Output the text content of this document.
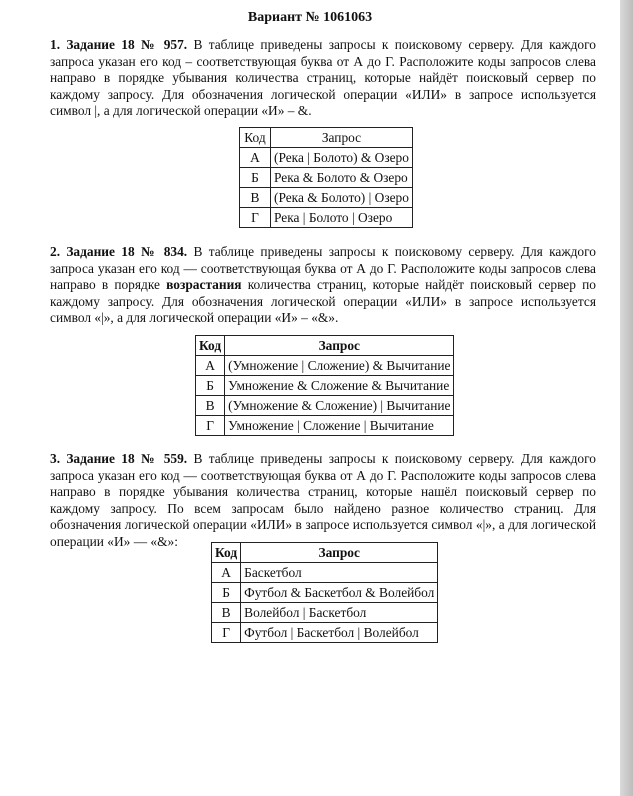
Вариант № 1061063

1. Задание 18 № 957. В таблице приведены запросы к поисковому серверу. Для каждого запроса указан его код – соответствующая буква от А до Г. Расположите коды запросов слева направо в порядке убывания количества страниц, которые найдёт поисковый сервер по каждому запросу. Для обозначения логической операции «ИЛИ» в запросе используется символ |, а для логической операции «И» – &.

Код	Запрос
А	(Река | Болото) & Озеро
Б	Река & Болото & Озеро
В	(Река & Болото) | Озеро
Г	Река | Болото | Озеро

2. Задание 18 № 834. В таблице приведены запросы к поисковому серверу. Для каждого запроса указан его код — соответствующая буква от А до Г. Расположите коды запросов слева направо в порядке возрастания количества страниц, которые найдёт поисковый сервер по каждому запросу. Для обозначения логической операции «ИЛИ» в запросе используется символ «|», а для логической операции «И» – «&».

Код	Запрос
А	(Умножение | Сложение) & Вычитание
Б	Умножение & Сложение & Вычитание
В	(Умножение & Сложение) | Вычитание
Г	Умножение | Сложение | Вычитание

3. Задание 18 № 559. В таблице приведены запросы к поисковому серверу. Для каждого запроса указан его код — соответствующая буква от А до Г. Расположите коды запросов слева направо в порядке убывания количества страниц, которые нашёл поисковый сервер по каждому запросу. По всем запросам было найдено разное количество страниц. Для обозначения логической операции «ИЛИ» в запросе используется символ «|», а для логической операции «И» — «&»:

Код	Запрос
А	Баскетбол
Б	Футбол & Баскетбол & Волейбол
В	Волейбол | Баскетбол
Г	Футбол | Баскетбол | Волейбол
